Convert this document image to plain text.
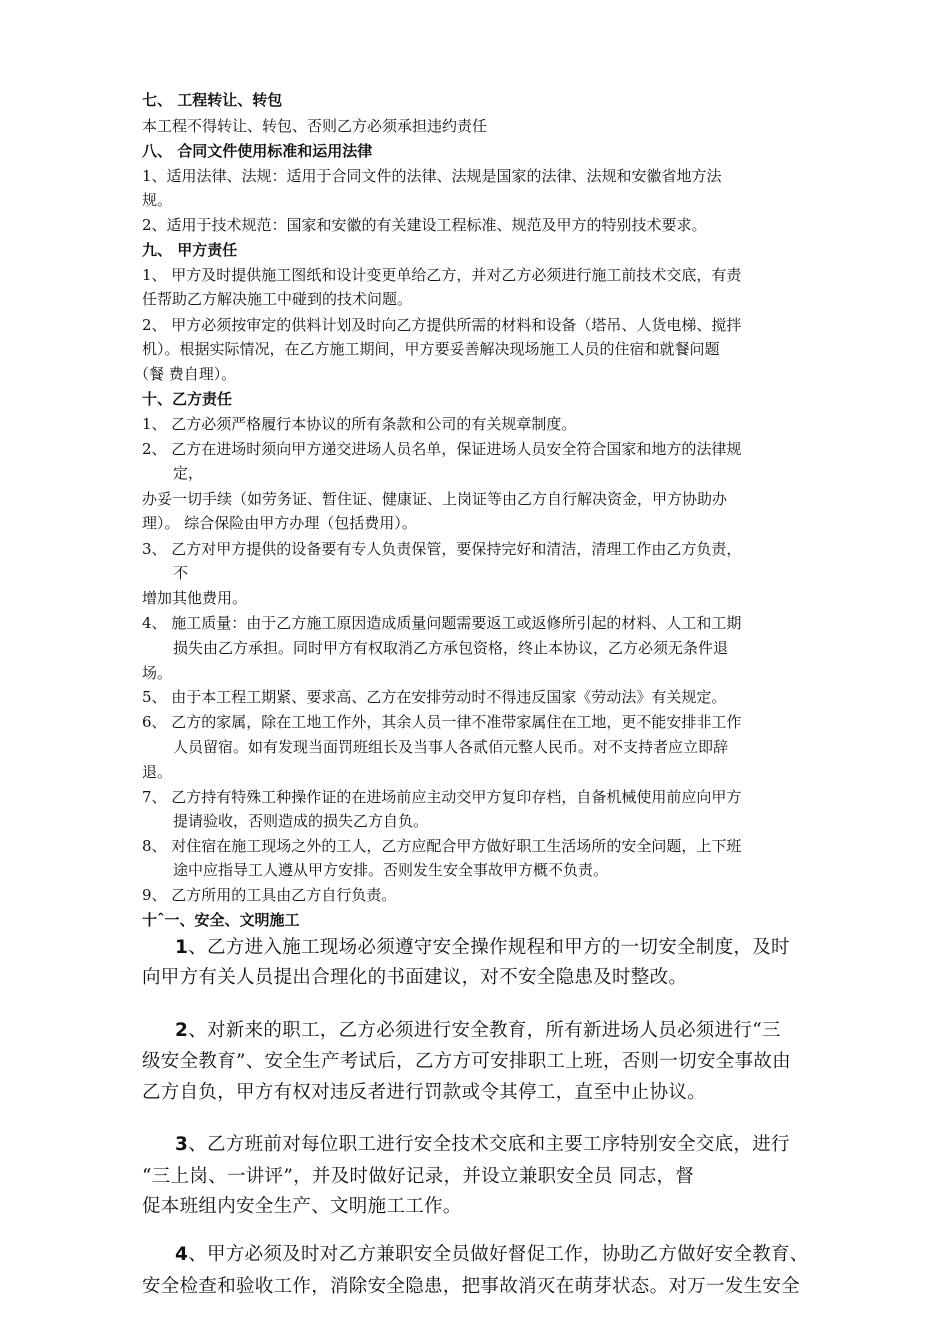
七、 工程转让、转包
本工程不得转让、转包、否则乙方必须承担违约责任
八、 合同文件使用标准和运用法律
1、适用法律、法规：适用于合同文件的法律、法规是国家的法律、法规和安徽省地方法
规。
2、适用于技术规范：国家和安徽的有关建设工程标准、规范及甲方的特别技术要求。
九、 甲方责任
1、 甲方及时提供施工图纸和设计变更单给乙方，并对乙方必须进行施工前技术交底，有责
任帮助乙方解决施工中碰到的技术问题。
2、 甲方必须按审定的供料计划及时向乙方提供所需的材料和设备（塔吊、人货电梯、搅拌
机）。根据实际情况，在乙方施工期间，甲方要妥善解决现场施工人员的住宿和就餐问题
（餐 费自理）。
十、乙方责任
1、 乙方必须严格履行本协议的所有条款和公司的有关规章制度。
2、 乙方在进场时须向甲方递交进场人员名单，保证进场人员安全符合国家和地方的法律规
定，
办妥一切手续（如劳务证、暂住证、健康证、上岗证等由乙方自行解决资金，甲方协助办
理）。 综合保险由甲方办理（包括费用）。
3、 乙方对甲方提供的设备要有专人负责保管，要保持完好和清洁，清理工作由乙方负责，
不
增加其他费用。
4、 施工质量：由于乙方施工原因造成质量问题需要返工或返修所引起的材料、人工和工期
损失由乙方承担。同时甲方有权取消乙方承包资格，终止本协议，乙方必须无条件退
场。
5、 由于本工程工期紧、要求高、乙方在安排劳动时不得违反国家《劳动法》有关规定。
6、 乙方的家属，除在工地工作外，其余人员一律不准带家属住在工地，更不能安排非工作
人员留宿。如有发现当面罚班组长及当事人各贰佰元整人民币。对不支持者应立即辞
退。
7、 乙方持有特殊工种操作证的在进场前应主动交甲方复印存档，自备机械使用前应向甲方
提请验收，否则造成的损失乙方自负。
8、 对住宿在施工现场之外的工人，乙方应配合甲方做好职工生活场所的安全问题，上下班
途中应指导工人遵从甲方安排。否则发生安全事故甲方概不负责。
9、 乙方所用的工具由乙方自行负责。
十ˆ一、安全、文明施工
1、乙方进入施工现场必须遵守安全操作规程和甲方的一切安全制度，及时
向甲方有关人员提出合理化的书面建议，对不安全隐患及时整改。
2、对新来的职工，乙方必须进行安全教育，所有新进场人员必须进行“三
级安全教育”、安全生产考试后，乙方方可安排职工上班，否则一切安全事故由
乙方自负，甲方有权对违反者进行罚款或令其停工，直至中止协议。
3、乙方班前对每位职工进行安全技术交底和主要工序特别安全交底，进行
“三上岗、一讲评”，并及时做好记录，并设立兼职安全员 同志，督
促本班组内安全生产、文明施工工作。
4、甲方必须及时对乙方兼职安全员做好督促工作，协助乙方做好安全教育、
安全检查和验收工作，消除安全隐患，把事故消灭在萌芽状态。对万一发生安全
